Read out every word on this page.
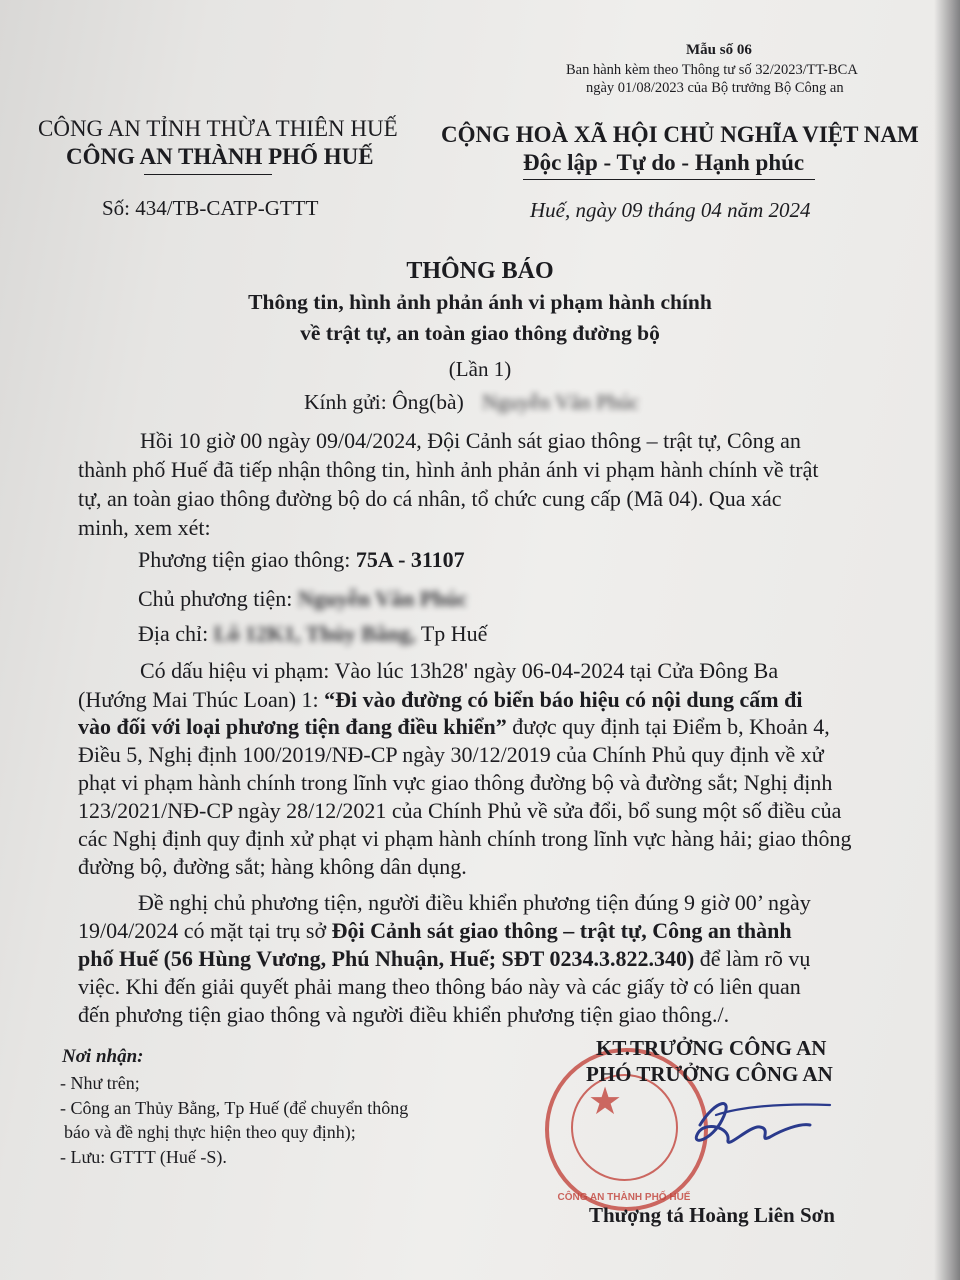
Mẫu số 06
Ban hành kèm theo Thông tư số 32/2023/TT-BCA
ngày 01/08/2023 của Bộ trưởng Bộ Công an
CÔNG AN TỈNH THỪA THIÊN HUẾ
CÔNG AN THÀNH PHỐ HUẾ
Số: 434/TB-CATP-GTTT
CỘNG HOÀ XÃ HỘI CHỦ NGHĨA VIỆT NAM
Độc lập - Tự do - Hạnh phúc
Huế, ngày 09 tháng 04 năm 2024
THÔNG BÁO
Thông tin, hình ảnh phản ánh vi phạm hành chính
về trật tự, an toàn giao thông đường bộ
(Lần 1)
Kính gửi: Ông(bà) Nguyễn Văn Phúc
Hồi 10 giờ 00 ngày 09/04/2024, Đội Cảnh sát giao thông – trật tự, Công an
thành phố Huế đã tiếp nhận thông tin, hình ảnh phản ánh vi phạm hành chính về trật
tự, an toàn giao thông đường bộ do cá nhân, tổ chức cung cấp (Mã 04). Qua xác
minh, xem xét:
Phương tiện giao thông: 75A - 31107
Chủ phương tiện: Nguyễn Văn Phúc
Địa chỉ: Lô 12K1, Thủy Bằng, Tp Huế
Có dấu hiệu vi phạm: Vào lúc 13h28' ngày 06-04-2024 tại Cửa Đông Ba
(Hướng Mai Thúc Loan) 1: “Đi vào đường có biển báo hiệu có nội dung cấm đi
vào đối với loại phương tiện đang điều khiển” được quy định tại Điểm b, Khoản 4,
Điều 5, Nghị định 100/2019/NĐ-CP ngày 30/12/2019 của Chính Phủ quy định về xử
phạt vi phạm hành chính trong lĩnh vực giao thông đường bộ và đường sắt; Nghị định
123/2021/NĐ-CP ngày 28/12/2021 của Chính Phủ về sửa đổi, bổ sung một số điều của
các Nghị định quy định xử phạt vi phạm hành chính trong lĩnh vực hàng hải; giao thông
đường bộ, đường sắt; hàng không dân dụng.
Đề nghị chủ phương tiện, người điều khiển phương tiện đúng 9 giờ 00’ ngày
19/04/2024 có mặt tại trụ sở Đội Cảnh sát giao thông – trật tự, Công an thành
phố Huế (56 Hùng Vương, Phú Nhuận, Huế; SĐT 0234.3.822.340) để làm rõ vụ
việc. Khi đến giải quyết phải mang theo thông báo này và các giấy tờ có liên quan
đến phương tiện giao thông và người điều khiển phương tiện giao thông./.
Nơi nhận:
- Như trên;
- Công an Thủy Bằng, Tp Huế (để chuyển thông
báo và đề nghị thực hiện theo quy định);
- Lưu: GTTT (Huế -S).
★
CÔNG AN THÀNH PHỐ HUẾ
KT.TRƯỞNG CÔNG AN
PHÓ TRƯỞNG CÔNG AN
Thượng tá Hoàng Liên Sơn
